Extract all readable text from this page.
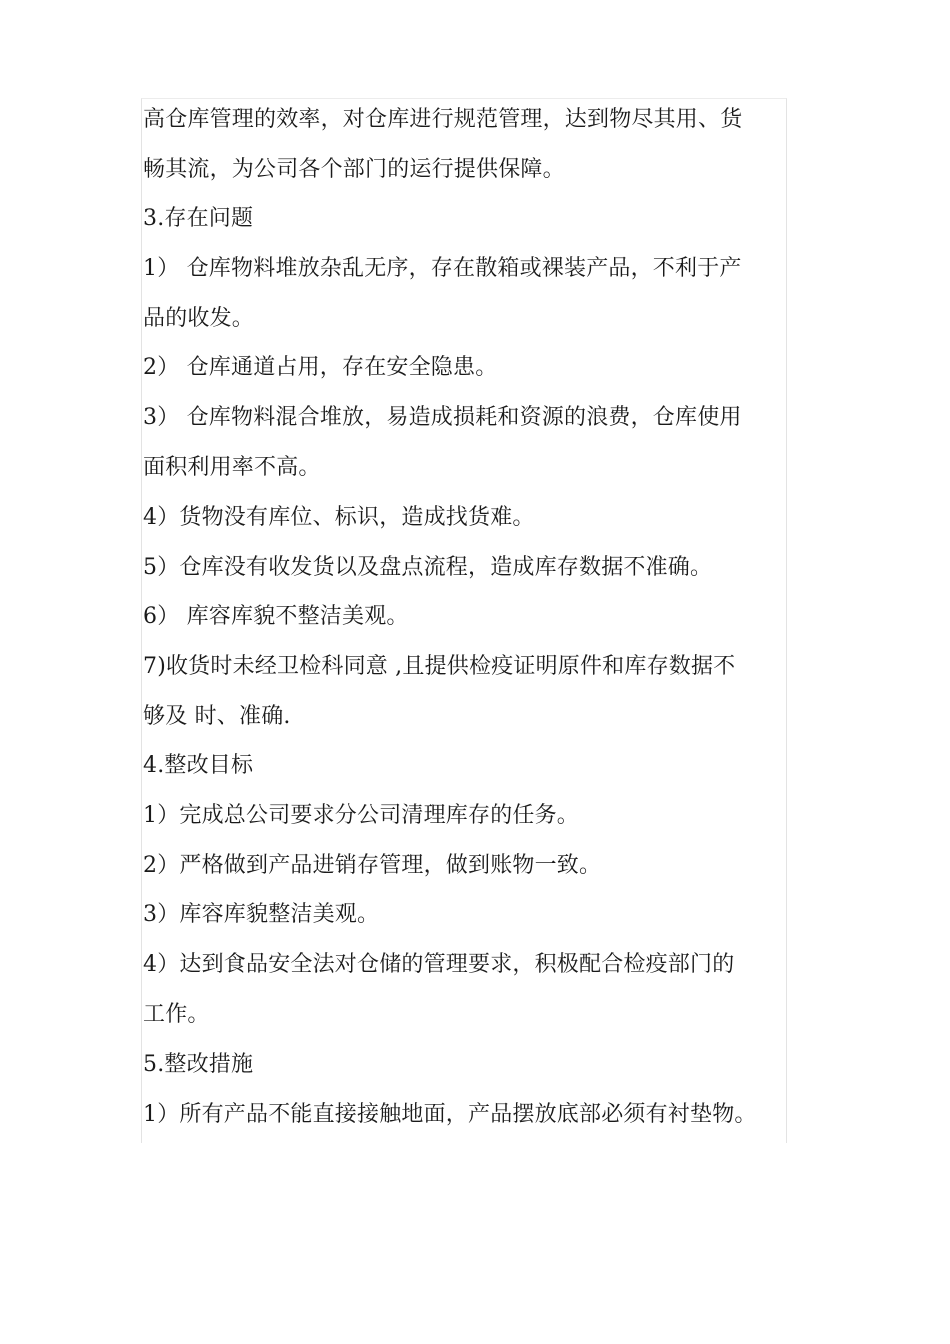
高仓库管理的效率，对仓库进行规范管理，达到物尽其用、货
畅其流，为公司各个部门的运行提供保障。
3.存在问题
1） 仓库物料堆放杂乱无序，存在散箱或裸装产品，不利于产
品的收发。
2） 仓库通道占用，存在安全隐患。
3） 仓库物料混合堆放，易造成损耗和资源的浪费，仓库使用
面积利用率不高。
4）货物没有库位、标识，造成找货难。
5）仓库没有收发货以及盘点流程，造成库存数据不准确。
6） 库容库貌不整洁美观。
7)收货时未经卫检科同意 ,且提供检疫证明原件和库存数据不
够及 时、准确.
4.整改目标
1）完成总公司要求分公司清理库存的任务。
2）严格做到产品进销存管理，做到账物一致。
3）库容库貌整洁美观。
4）达到食品安全法对仓储的管理要求，积极配合检疫部门的
工作。
5.整改措施
1）所有产品不能直接接触地面，产品摆放底部必须有衬垫物。
